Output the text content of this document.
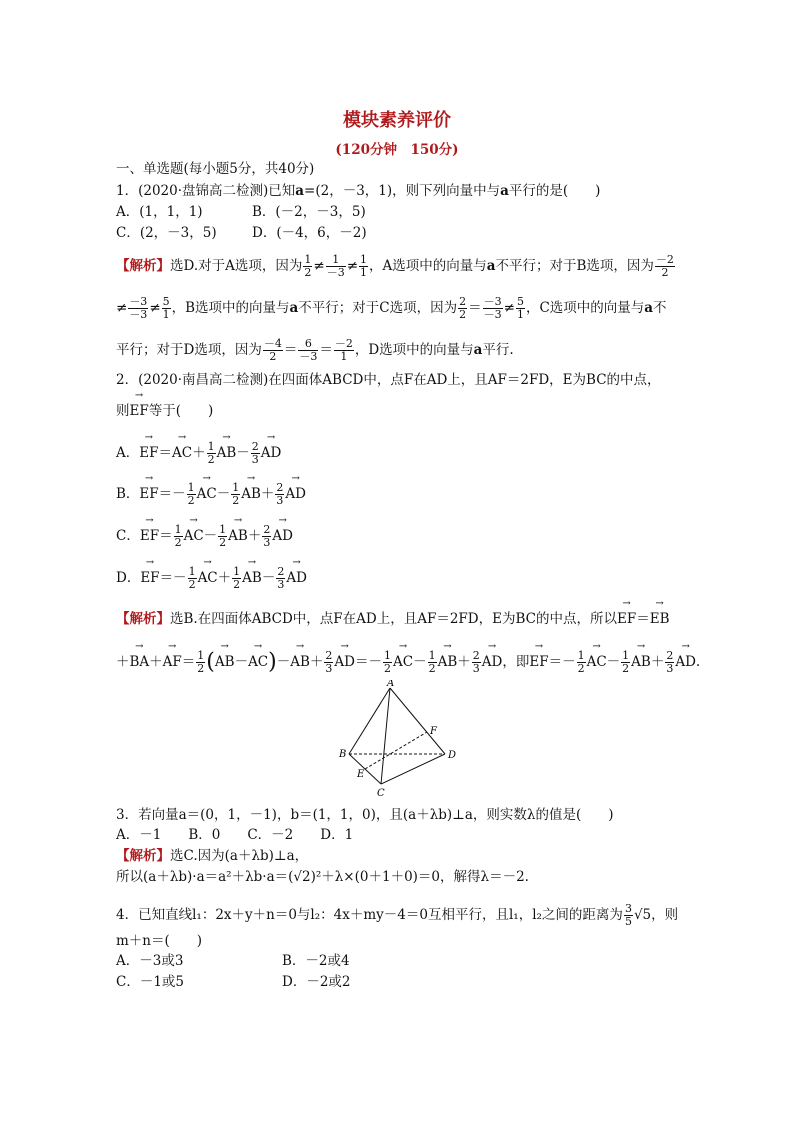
模块素养评价
(120分钟　150分)
一、单选题(每小题5分，共40分)
1．(2020·盘锦高二检测)已知a=(2，－3，1)，则下列向量中与a平行的是(　　)
A．(1，1，1)	B．(－2，－3，5)
C．(2，－3，5)	D．(－4，6，－2)
【解析】选D.对于A选项，因为 $\frac{1}{2} \ne \frac{1}{-3} \ne \frac{1}{1}$ ，A选项中的向量与a不平行；对于B选项，因为 $\frac{-2}{2}$
≠ $\frac{-3}{-3} \ne \frac{5}{1}$ ，B选项中的向量与a不平行；对于C选项，因为 $\frac{2}{2} = \frac{-3}{-3} \ne \frac{5}{1}$ ，C选项中的向量与a不
平行；对于D选项，因为 $\frac{-4}{2} = \frac{6}{-3} = \frac{-2}{1}$ ，D选项中的向量与a平行.
2．(2020·南昌高二检测)在四面体ABCD中，点F在AD上，且AF＝2FD，E为BC的中点，
则→ EF等于(　　)
A．→ $EF=\to AC+ \frac{1}{2}$
→ $AB- \frac{2}{3}$
→ AD
B．→ $EF=- \frac{1}{2}$
→ $AC- \frac{1}{2}$
→ $AB+ \frac{2}{3}$
→ AD
C．→ $EF= \frac{1}{2}$
→ $AC- \frac{1}{2}$
→ $AB+ \frac{2}{3}$
→ AD
D．→ $EF=- \frac{1}{2}$
→ $AC+ \frac{1}{2}$
→ $AB- \frac{2}{3}$
→ AD
【解析】选B.在四面体ABCD中，点F在AD上，且AF＝2FD，E为BC的中点，所以→ EF＝→ EB
＋→ $BA+\to AF= \frac{1}{2}$ (→ $AB-\to AC)-\to AB+ \frac{2}{3}$
→ $AD=- \frac{1}{2}$
→ $AC- \frac{1}{2}$
→ $AB+ \frac{2}{3}$
→ AD，即→ $EF=- \frac{1}{2}$
→ $AC- \frac{1}{2}$
→ $AB+ \frac{2}{3}$
→ AD.
A
B
C
D
E
F
3．若向量a＝(0，1，－1)，b＝(1，1，0)，且(a＋λb)⊥a，则实数λ的值是(　　)
A．－1　　B．0　　C．－2　　D．1
【解析】选C.因为(a＋λb)⊥a，
所以(a＋λb)·a＝a²＋λb·a＝(√2)²＋λ×(0＋1＋0)＝0，解得λ＝－2.
4．已知直线l₁：2x＋y＋n＝0与l₂：4x＋my－4＝0互相平行，且l₁，l₂之间的距离为 $\frac{3}{5} √5$，则
m＋n＝(　　)
A．－3或3	B．－2或4
C．－1或5	D．－2或2
